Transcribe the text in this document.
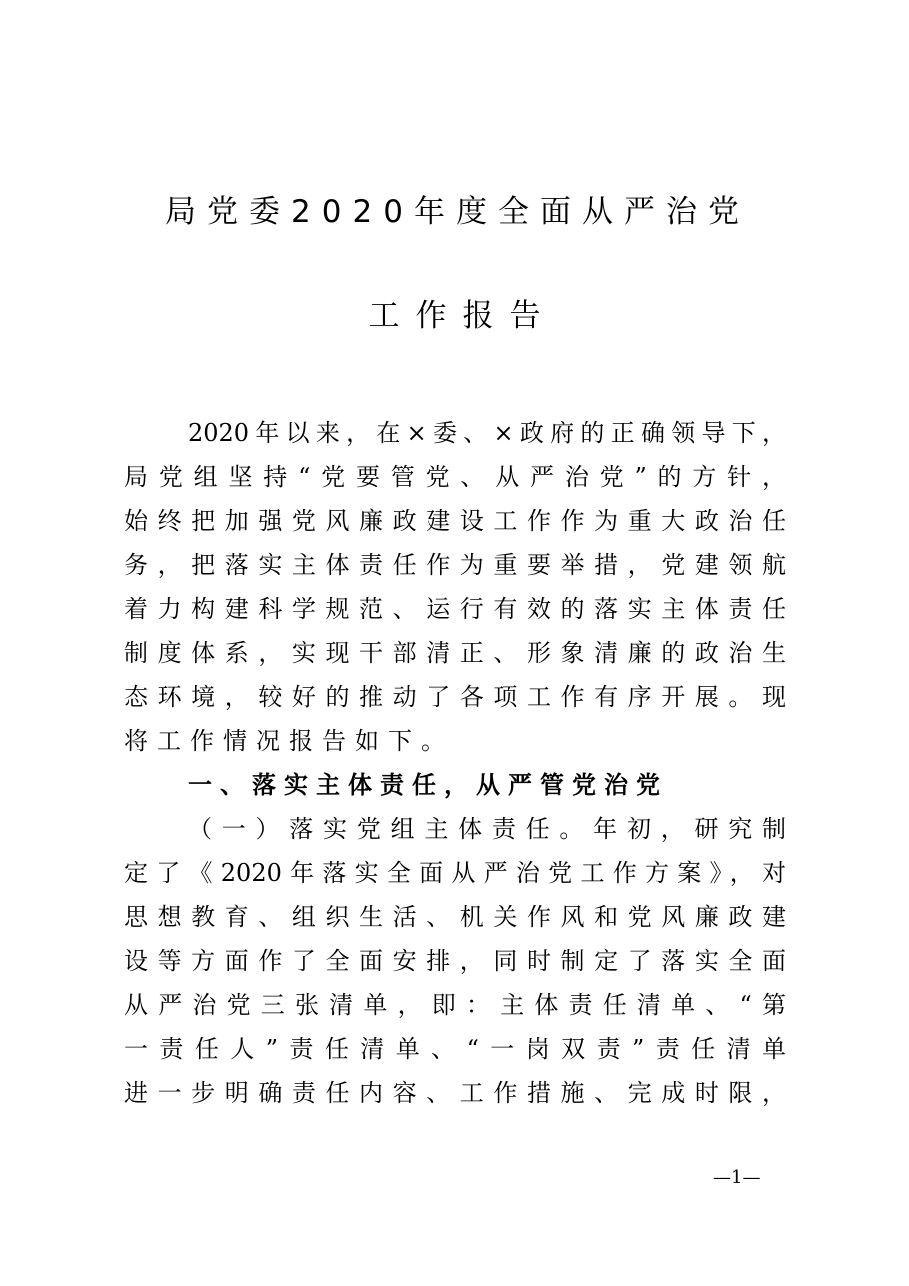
局党委2020年度全面从严治党
工作报告
2020年以来，在×委、×政府的正确领导下，
局党组坚持“党要管党、从严治党”的方针，
始终把加强党风廉政建设工作作为重大政治任
务，把落实主体责任作为重要举措，党建领航
着力构建科学规范、运行有效的落实主体责任
制度体系，实现干部清正、形象清廉的政治生
态环境，较好的推动了各项工作有序开展。现
将工作情况报告如下。
一、落实主体责任，从严管党治党
（一）落实党组主体责任。年初，研究制
定了《2020年落实全面从严治党工作方案》，对
思想教育、组织生活、机关作风和党风廉政建
设等方面作了全面安排，同时制定了落实全面
从严治党三张清单，即：主体责任清单、“第
一责任人”责任清单、“一岗双责”责任清单
进一步明确责任内容、工作措施、完成时限，
—1—
